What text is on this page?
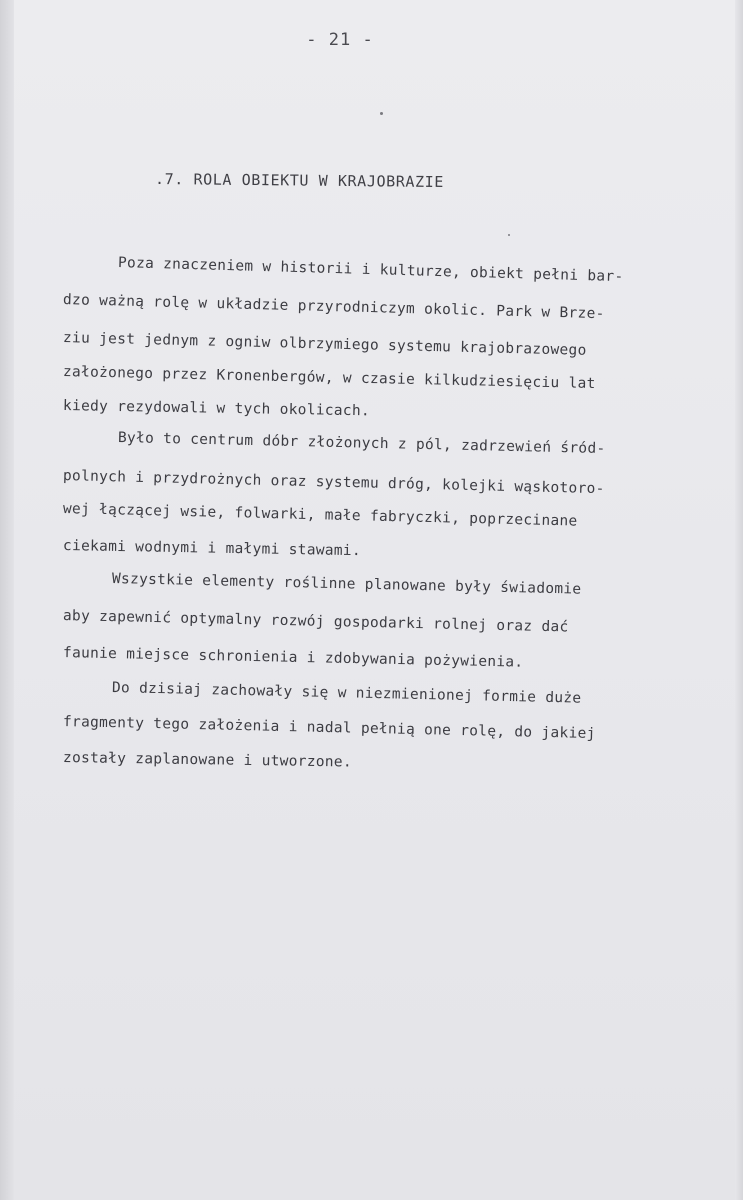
- 21 -
.7. ROLA OBIEKTU W KRAJOBRAZIE
Poza znaczeniem w historii i kulturze, obiekt pełni bar-
dzo ważną rolę w układzie przyrodniczym okolic. Park w Brze-
ziu jest jednym z ogniw olbrzymiego systemu krajobrazowego
założonego przez Kronenbergów, w czasie kilkudziesięciu lat
kiedy rezydowali w tych okolicach.
Było to centrum dóbr złożonych z pól, zadrzewień śród-
polnych i przydrożnych oraz systemu dróg, kolejki wąskotoro-
wej łączącej wsie, folwarki, małe fabryczki, poprzecinane
ciekami wodnymi i małymi stawami.
Wszystkie elementy roślinne planowane były świadomie
aby zapewnić optymalny rozwój gospodarki rolnej oraz dać
faunie miejsce schronienia i zdobywania pożywienia.
Do dzisiaj zachowały się w niezmienionej formie duże
fragmenty tego założenia i nadal pełnią one rolę, do jakiej
zostały zaplanowane i utworzone.
